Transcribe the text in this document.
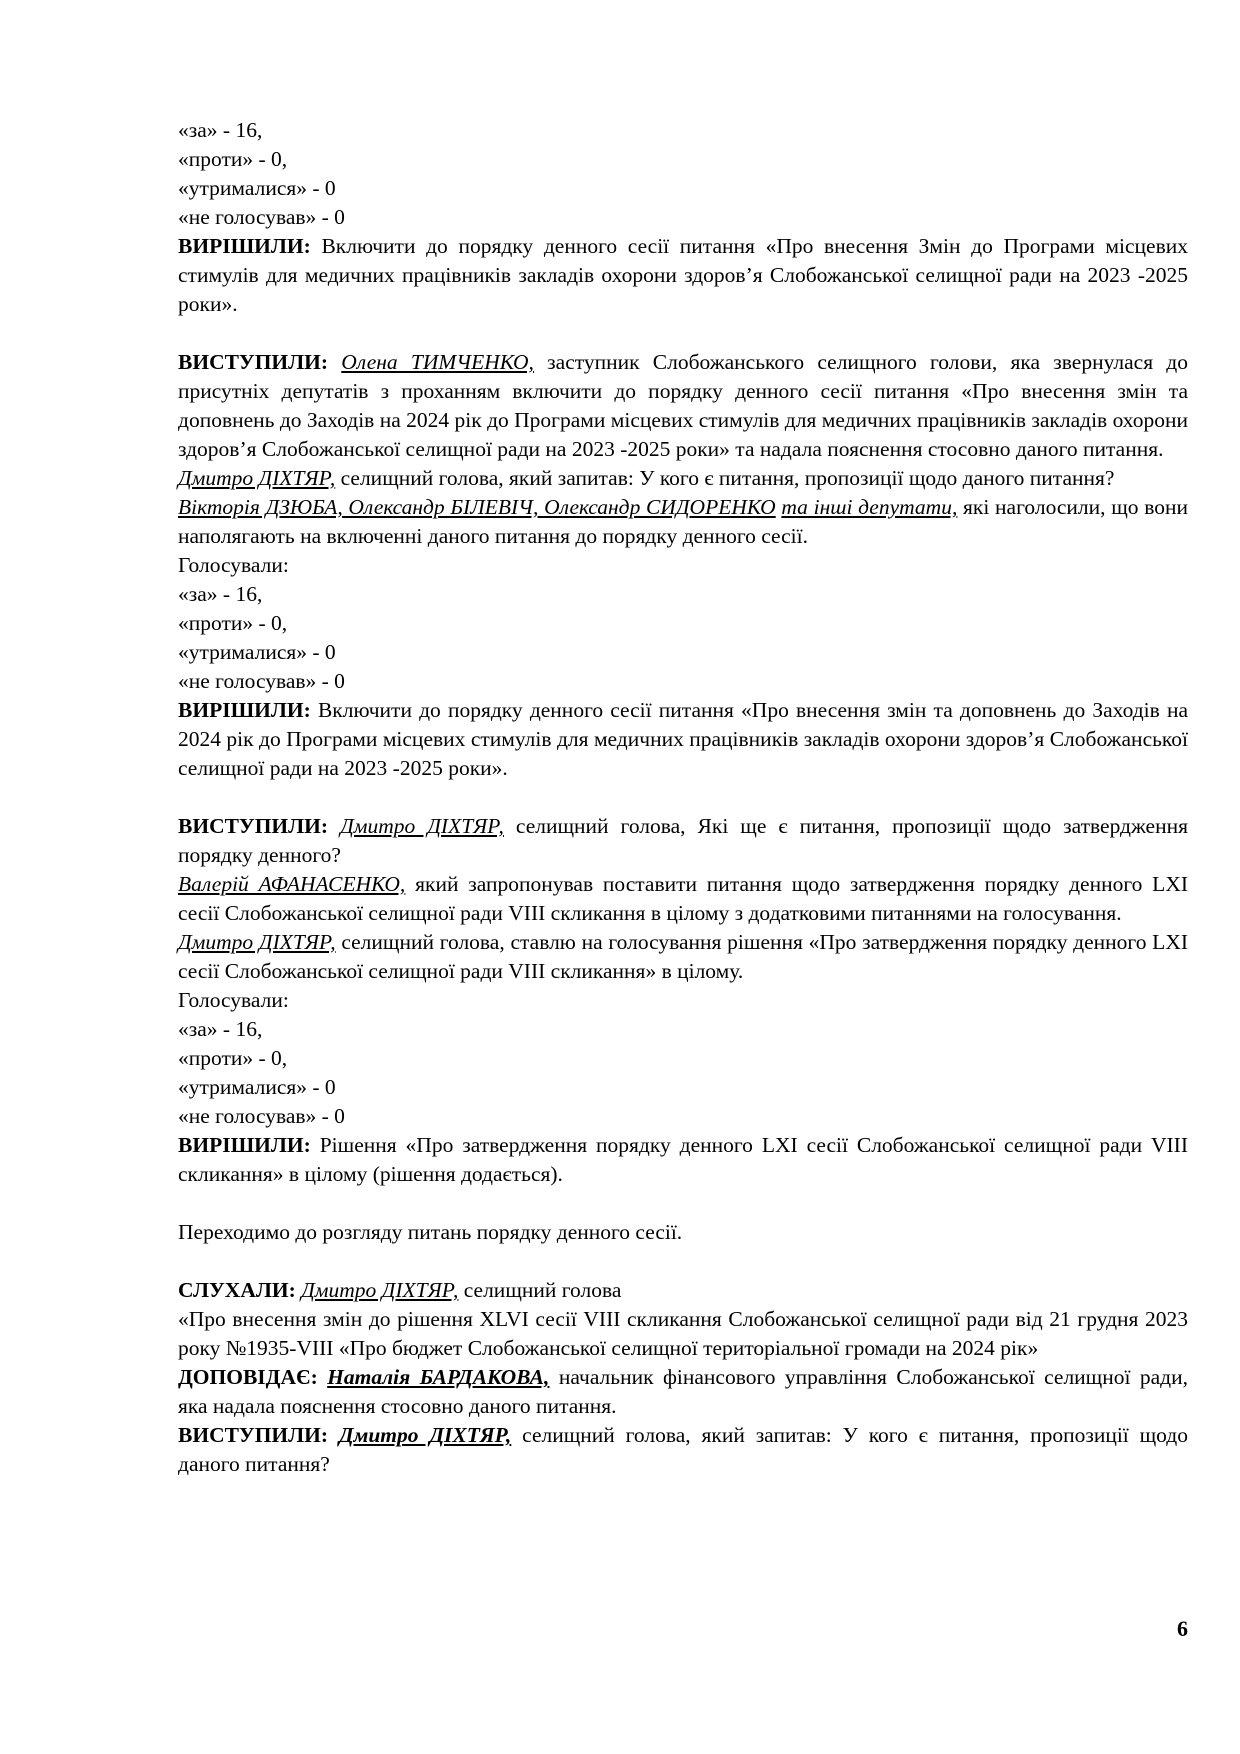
«за» - 16,
«проти» - 0,
«утрималися» - 0
«не голосував» - 0
ВИРІШИЛИ: Включити до порядку денного сесії питання «Про внесення Змін до Програми місцевих стимулів для медичних працівників закладів охорони здоров’я Слобожанської селищної ради на 2023 -2025 роки».
ВИСТУПИЛИ: Олена ТИМЧЕНКО, заступник Слобожанського селищного голови, яка звернулася до присутніх депутатів з проханням включити до порядку денного сесії питання «Про внесення змін та доповнень до Заходів на 2024 рік до Програми місцевих стимулів для медичних працівників закладів охорони здоров’я Слобожанської селищної ради на 2023 -2025 роки» та надала пояснення стосовно даного питання.
Дмитро ДІХТЯР, селищний голова, який запитав: У кого є питання, пропозиції щодо даного питання?
Вікторія ДЗЮБА, Олександр БІЛЕВІЧ, Олександр СИДОРЕНКО та інші депутати, які наголосили, що вони наполягають на включенні даного питання до порядку денного сесії.
Голосували:
«за» - 16,
«проти» - 0,
«утрималися» - 0
«не голосував» - 0
ВИРІШИЛИ: Включити до порядку денного сесії питання «Про внесення змін та доповнень до Заходів на 2024 рік до Програми місцевих стимулів для медичних працівників закладів охорони здоров’я Слобожанської селищної ради на 2023 -2025 роки».
ВИСТУПИЛИ: Дмитро ДІХТЯР, селищний голова, Які ще є питання, пропозиції щодо затвердження порядку денного?
Валерій АФАНАСЕНКО, який запропонував поставити питання щодо затвердження порядку денного LXІ сесії Слобожанської селищної ради VIII скликання в цілому з додатковими питаннями на голосування.
Дмитро ДІХТЯР, селищний голова, ставлю на голосування рішення «Про затвердження порядку денного LXІ сесії Слобожанської селищної ради VIII скликання» в цілому.
Голосували:
«за» - 16,
«проти» - 0,
«утрималися» - 0
«не голосував» - 0
ВИРІШИЛИ: Рішення «Про затвердження порядку денного LXІ сесії Слобожанської селищної ради VIII скликання» в цілому (рішення додається).
Переходимо до розгляду питань порядку денного сесії.
СЛУХАЛИ: Дмитро ДІХТЯР, селищний голова
«Про внесення змін до рішення XLVI сесії VIII скликання Слобожанської селищної ради від 21 грудня 2023 року №1935-VIII «Про бюджет Слобожанської селищної територіальної громади на 2024 рік»
ДОПОВІДАЄ: Наталія БАРДАКОВА, начальник фінансового управління Слобожанської селищної ради, яка надала пояснення стосовно даного питання.
ВИСТУПИЛИ: Дмитро ДІХТЯР, селищний голова, який запитав: У кого є питання, пропозиції щодо даного питання?
6
